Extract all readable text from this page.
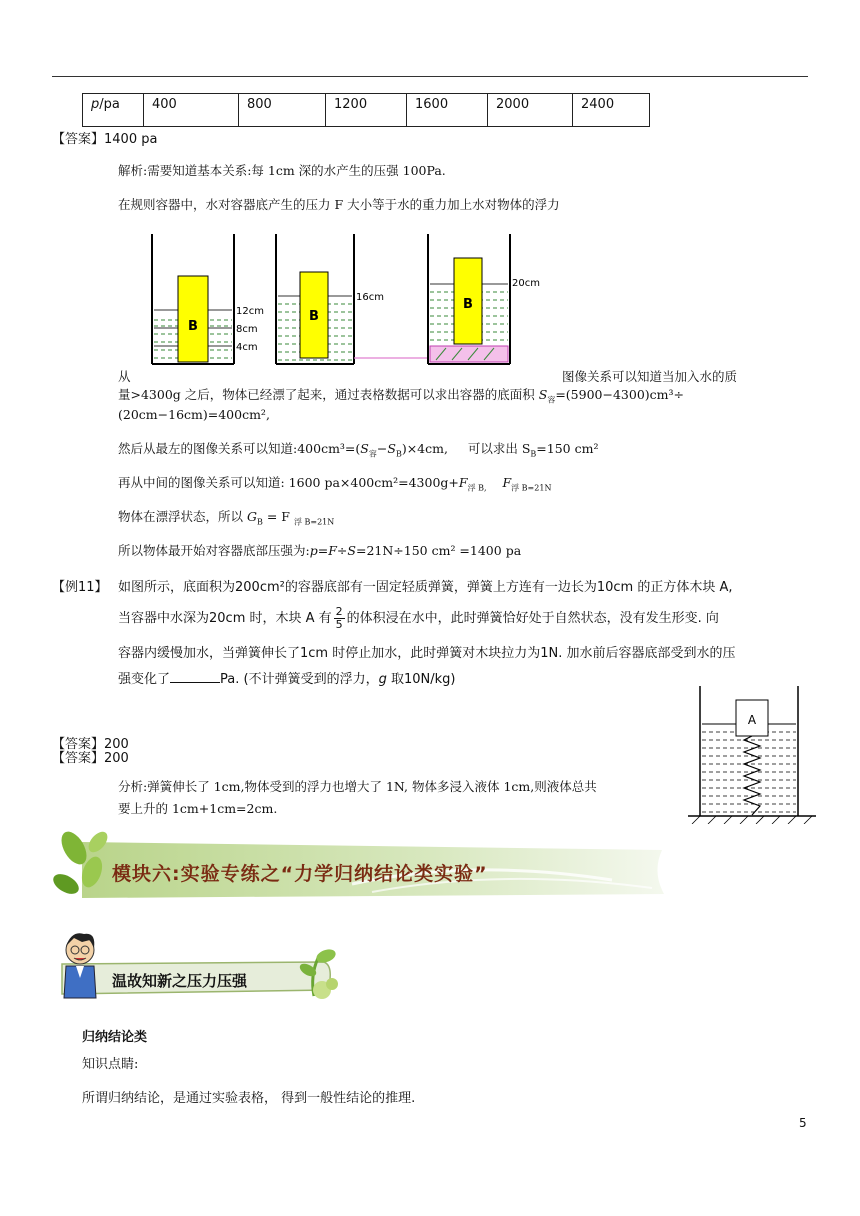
p/pa	400	800	1200	1600	2000	2400
【答案】1400 pa
解析:需要知道基本关系:每 1cm 深的水产生的压强 100Pa.
在规则容器中，水对容器底产生的压力 F 大小等于水的重力加上水对物体的浮力
B
12cm
8cm
4cm
B
16cm	B
20cm
从	图像关系可以知道当加入水的质
量>4300g 之后，物体已经漂了起来，通过表格数据可以求出容器的底面积 $S_容=(5900-4300)cm^3\div$
(20cm−16cm)=400cm²,
然后从最左的图像关系可以知道$:400cm^3=(S_容-S_B)\times 4cm$, 可以求出 $S_B=150$ cm²
再从中间的图像关系可以知道: 1600 $pa\times 400cm^2=4300g+F_{浮 B,}$ $F_{浮 B=21N}$
物体在漂浮状态，所以 $G_B = F$ $_{浮 B=21N}$
所以物体最开始对容器底部压强为:p=F÷S=21N÷150 cm² =1400 pa
【例11】 如图所示，底面积为200cm²的容器底部有一固定轻质弹簧，弹簧上方连有一边长为10cm 的正方体木块 A,
当容器中水深为20cm 时，木块 A 有 $\frac{2}{5}$ 的体积浸在水中，此时弹簧恰好处于自然状态，没有发生形变. 向
容器内缓慢加水，当弹簧伸长了1cm 时停止加水，此时弹簧对木块拉力为1N. 加水前后容器底部受到水的压
强变化了	Pa. (不计弹簧受到的浮力，g 取10N/kg)
A
【答案】200
【答案】200
分析:弹簧伸长了 1cm,物体受到的浮力也增大了 1N, 物体多浸入液体 1cm,则液体总共
要上升的 1cm+1cm=2cm.
模块六:实验专练之“力学归纳结论类实验”
温故知新之压力压强
归纳结论类
知识点睛:
所谓归纳结论，是通过实验表格， 得到一般性结论的推理.
5
